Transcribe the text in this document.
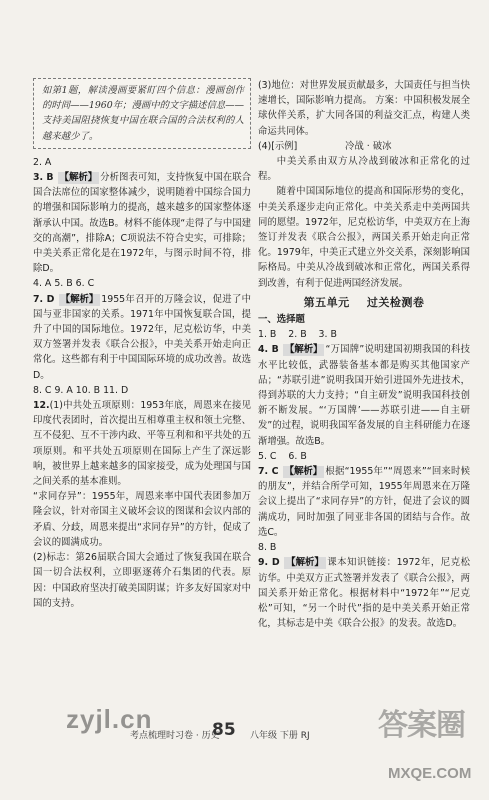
如第1题，解读漫画要紧盯四个信息：漫画创作的时间——1960年；漫画中的文字描述信息——支持美国阻挠恢复中国在联合国的合法权利的人越来越少了。

2. A

3. B 【解析】 分析图表可知，支持恢复中国在联合国合法席位的国家整体减少，说明随着中国综合国力的增强和国际影响力的提高，越来越多的国家整体逐渐承认中国。故选B。材料不能体现“走得了与中国建交的高潮”，排除A；C项说法不符合史实，可排除；中美关系正常化是在1972年，与图示时间不符，排除D。

4. A 5. B 6. C

7. D 【解析】 1955年召开的万隆会议，促进了中国与亚非国家的关系。1971年中国恢复联合国，提升了中国的国际地位。1972年，尼克松访华，中美双方签署并发表《联合公报》，中美关系开始走向正常化。这些都有利于中国国际环境的成功改善。故选D。

8. C 9. A 10. B 11. D

12.(1)中共处五项原则：1953年底，周恩来在接见印度代表团时，首次提出互相尊重主权和领土完整、互不侵犯、互不干涉内政、平等互利和和平共处的五项原则。和平共处五项原则在国际上产生了深远影响，被世界上越来越多的国家接受，成为处理国与国之间关系的基本准则。

“求同存异”：1955年，周恩来率中国代表团参加万隆会议，针对帝国主义破坏会议的图谋和会议内部的矛盾、分歧，周恩来提出“求同存异”的方针，促成了会议的圆满成功。

(2)标志：第26届联合国大会通过了恢复我国在联合国一切合法权利，立即驱逐蒋介石集团的代表。原因：中国政府坚决打破美国阴谋；许多友好国家对中国的支持。

(3)地位：对世界发展贡献最多，大国责任与担当快速增长，国际影响力提高。 方案：中国积极发展全球伙伴关系，扩大同各国的利益交汇点，构建人类命运共同体。

(4)[示例]                冷战 · 破冰

中美关系由双方从冷战到破冰和正常化的过程。

随着中国国际地位的提高和国际形势的变化，中美关系逐步走向正常化。中美关系走中美两国共同的愿望。1972年，尼克松访华，中美双方在上海签订并发表《联合公报》，两国关系开始走向正常化。1979年，中美正式建立外交关系，深刻影响国际格局。中美从冷战到破冰和正常化，两国关系得到改善，有利于促进两国经济发展。

第五单元    过关检测卷

一、选择题

1. B    2. B    3. B

4. B 【解析】 “万国牌”说明建国初期我国的科技水平比较低，武器装备基本都是购买其他国家产品；“苏联引进”说明我国开始引进国外先进技术，得到苏联的大力支持；“自主研发”说明我国科技创新不断发展。“‘万国牌’——苏联引进——自主研发”的过程，说明我国军备发展的自主科研能力在逐渐增强。故选B。

5. C    6. B

7. C 【解析】 根据“1955年”“周恩来”“回来时候的朋友”，并结合所学可知，1955年周恩来在万隆会议上提出了“求同存异”的方针，促进了会议的圆满成功，同时加强了同亚非各国的团结与合作。故选C。

8. B

9. D 【解析】 课本知识链接：1972年，尼克松访华。中美双方正式签署并发表了《联合公报》，两国关系开始正常化。根据材料中“1972年”“尼克松”可知，“另一个时代”指的是中美关系开始正常化，其标志是中美《联合公报》的发表。故选D。

考点梳理时习卷 · 历史
85 八年级 下册 RJ
zyjl.cn	答案圈
MXQE.COM
